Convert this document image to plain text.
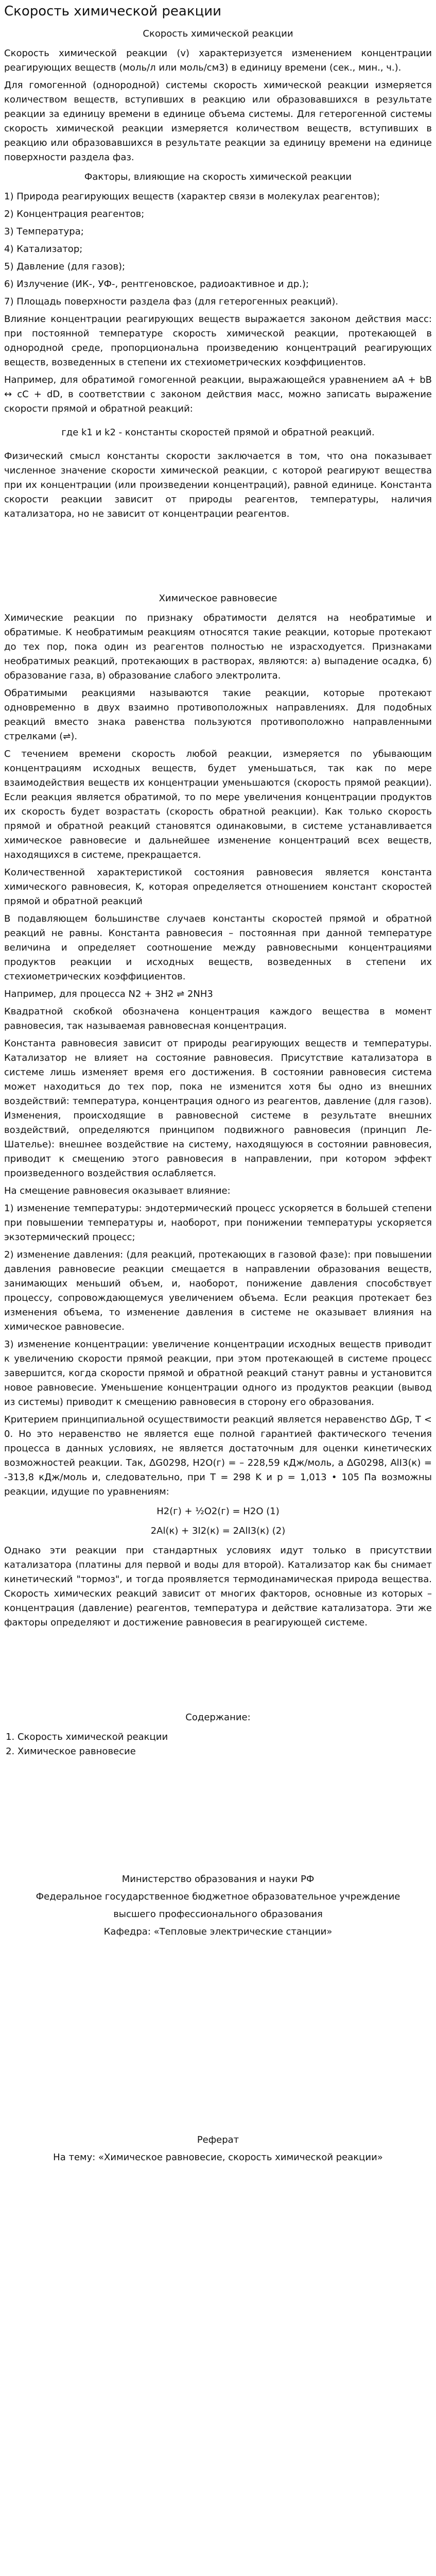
Скорость химической реакции

Скорость химической реакции

Скорость химической реакции (v) характеризуется изменением концентрации реагирующих веществ (моль/л или моль/см3) в единицу времени (сек., мин., ч.).

Для гомогенной (однородной) системы скорость химической реакции измеряется количеством веществ, вступивших в реакцию или образовавшихся в результате реакции за единицу времени в единице объема системы. Для гетерогенной системы скорость химической реакции измеряется количеством веществ, вступивших в реакцию или образовавшихся в результате реакции за единицу времени на единице поверхности раздела фаз.

Факторы, влияющие на скорость химической реакции

1) Природа реагирующих веществ (характер связи в молекулах реагентов);

2) Концентрация реагентов;

3) Температура;

4) Катализатор;

5) Давление (для газов);

6) Излучение (ИК-, УФ-, рентгеновское, радиоактивное и др.);

7) Площадь поверхности раздела фаз (для гетерогенных реакций).

Влияние концентрации реагирующих веществ выражается законом действия масс: при постоянной температуре скорость химической реакции, протекающей в однородной среде, пропорциональна произведению концентраций реагирующих веществ, возведенных в степени их стехиометрических коэффициентов.

Например, для обратимой гомогенной реакции, выражающейся уравнением aA + bB ↔ cC + dD, в соответствии с законом действия масс, можно записать выражение скорости прямой и обратной реакций:

где k1 и k2 - константы скоростей прямой и обратной реакций.

Физический смысл константы скорости заключается в том, что она показывает численное значение скорости химической реакции, с которой реагируют вещества при их концентрации (или произведении концентраций), равной единице. Константа скорости реакции зависит от природы реагентов, температуры, наличия катализатора, но не зависит от концентрации реагентов.

Химическое равновесие

Химические реакции по признаку обратимости делятся на необратимые и обратимые. К необратимым реакциям относятся такие реакции, которые протекают до тех пор, пока один из реагентов полностью не израсходуется. Признаками необратимых реакций, протекающих в растворах, являются: а) выпадение осадка, б) образование газа, в) образование слабого электролита.

Обратимыми реакциями называются такие реакции, которые протекают одновременно в двух взаимно противоположных направлениях. Для подобных реакций вместо знака равенства пользуются противоположно направленными стрелками (⇌).

С течением времени скорость любой реакции, измеряется по убывающим концентрациям исходных веществ, будет уменьшаться, так как по мере взаимодействия веществ их концентрации уменьшаются (скорость прямой реакции). Если реакция является обратимой, то по мере увеличения концентрации продуктов их скорость будет возрастать (скорость обратной реакции). Как только скорость прямой и обратной реакций становятся одинаковыми, в системе устанавливается химическое равновесие и дальнейшее изменение концентраций всех веществ, находящихся в системе, прекращается.

Количественной характеристикой состояния равновесия является константа химического равновесия, K, которая определяется отношением констант скоростей прямой и обратной реакций

В подавляющем большинстве случаев константы скоростей прямой и обратной реакций не равны. Константа равновесия – постоянная при данной температуре величина и определяет соотношение между равновесными концентрациями продуктов реакции и исходных веществ, возведенных в степени их стехиометрических коэффициентов.

Например, для процесса N2 + 3H2 ⇌ 2NH3

Квадратной скобкой обозначена концентрация каждого вещества в момент равновесия, так называемая равновесная концентрация.

Константа равновесия зависит от природы реагирующих веществ и температуры. Катализатор не влияет на состояние равновесия. Присутствие катализатора в системе лишь изменяет время его достижения. В состоянии равновесия система может находиться до тех пор, пока не изменится хотя бы одно из внешних воздействий: температура, концентрация одного из реагентов, давление (для газов). Изменения, происходящие в равновесной системе в результате внешних воздействий, определяются принципом подвижного равновесия (принцип Ле-Шателье): внешнее воздействие на систему, находящуюся в состоянии равновесия, приводит к смещению этого равновесия в направлении, при котором эффект произведенного воздействия ослабляется.

На смещение равновесия оказывает влияние:

1) изменение температуры: эндотермический процесс ускоряется в большей степени при повышении температуры и, наоборот, при понижении температуры ускоряется экзотермический процесс;

2) изменение давления: (для реакций, протекающих в газовой фазе): при повышении давления равновесие реакции смещается в направлении образования веществ, занимающих меньший объем, и, наоборот, понижение давления способствует процессу, сопровождающемуся увеличением объема. Если реакция протекает без изменения объема, то изменение давления в системе не оказывает влияния на химическое равновесие.

3) изменение концентрации: увеличение концентрации исходных веществ приводит к увеличению скорости прямой реакции, при этом протекающей в системе процесс завершится, когда скорости прямой и обратной реакций станут равны и установится новое равновесие. Уменьшение концентрации одного из продуктов реакции (вывод из системы) приводит к смещению равновесия в сторону его образования.

Критерием принципиальной осуществимости реакций является неравенство ΔGp, T < 0. Но это неравенство не является еще полной гарантией фактического течения процесса в данных условиях, не является достаточным для оценки кинетических возможностей реакции. Так, ΔG0298, H2O(г) = – 228,59 кДж/моль, а ΔG0298, AlI3(к) = -313,8 кДж/моль и, следовательно, при T = 298 K и p = 1,013 • 105 Па возможны реакции, идущие по уравнениям:

H2(г) + ½O2(г) = H2O (1)

2Al(к) + 3I2(к) = 2AlI3(к) (2)

Однако эти реакции при стандартных условиях идут только в присутствии катализатора (платины для первой и воды для второй). Катализатор как бы снимает кинетический "тормоз", и тогда проявляется термодинамическая природа вещества. Скорость химических реакций зависит от многих факторов, основные из которых – концентрация (давление) реагентов, температура и действие катализатора. Эти же факторы определяют и достижение равновесия в реагирующей системе.

Содержание:

1. Скорость химической реакции
2. Химическое равновесие

Министерство образования и науки РФ

Федеральное государственное бюджетное образовательное учреждение

высшего профессионального образования

Кафедра: «Тепловые электрические станции»

Реферат

На тему: «Химическое равновесие, скорость химической реакции»
